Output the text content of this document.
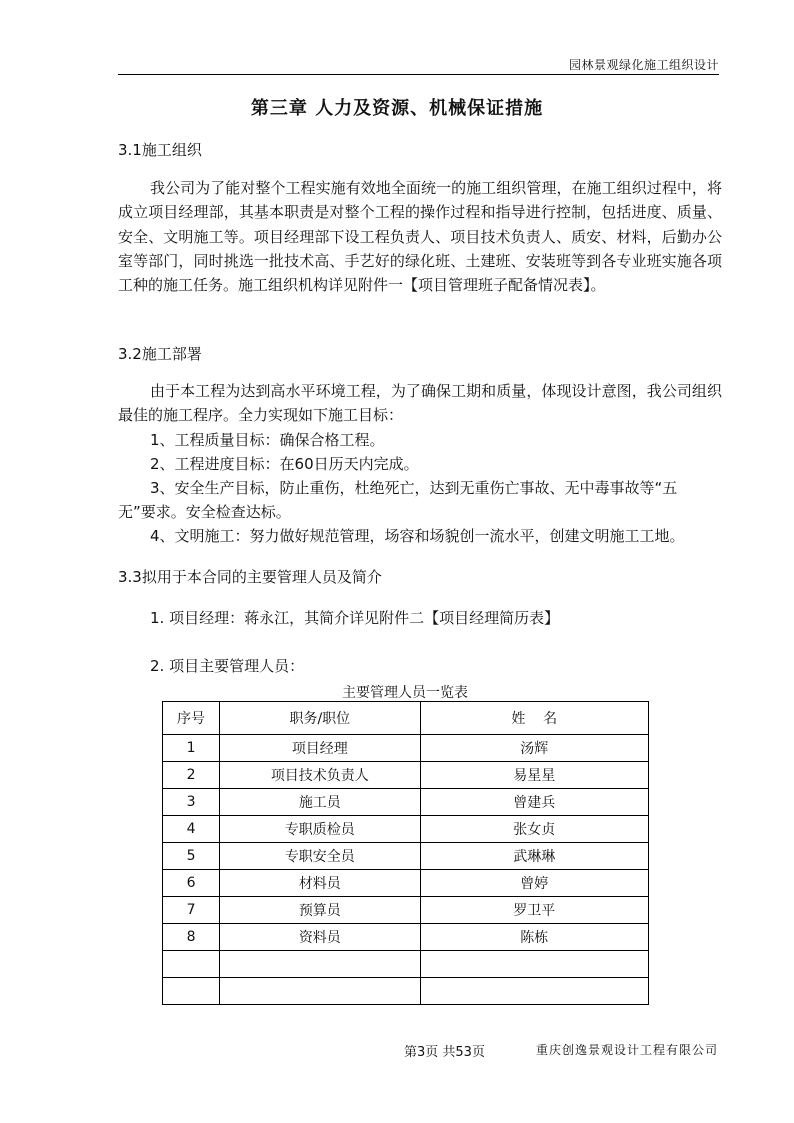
园林景观绿化施工组织设计
第三章 人力及资源、机械保证措施
3.1施工组织

我公司为了能对整个工程实施有效地全面统一的施工组织管理，在施工组织过程中，将成立项目经理部，其基本职责是对整个工程的操作过程和指导进行控制，包括进度、质量、安全、文明施工等。项目经理部下设工程负责人、项目技术负责人、质安、材料，后勤办公室等部门，同时挑选一批技术高、手艺好的绿化班、土建班、安装班等到各专业班实施各项工种的施工任务。施工组织机构详见附件一【项目管理班子配备情况表】。

3.2施工部署

由于本工程为达到高水平环境工程，为了确保工期和质量，体现设计意图，我公司组织最佳的施工程序。全力实现如下施工目标：

1、工程质量目标：确保合格工程。
2、工程进度目标：在60日历天内完成。
3、安全生产目标，防止重伤，杜绝死亡，达到无重伤亡事故、无中毒事故等“五
无”要求。安全检查达标。
4、文明施工：努力做好规范管理，场容和场貌创一流水平，创建文明施工工地。
3.3拟用于本合同的主要管理人员及简介
1. 项目经理：蒋永江，其简介详见附件二【项目经理简历表】
2. 项目主要管理人员：
主要管理人员一览表
序号	职务/职位	姓    名
1	项目经理	汤辉
2	项目技术负责人	易星星
3	施工员	曾建兵
4	专职质检员	张女贞
5	专职安全员	武琳琳
6	材料员	曾婷
7	预算员	罗卫平
8	资料员	陈栋

第3页 共53页	重庆创逸景观设计工程有限公司
